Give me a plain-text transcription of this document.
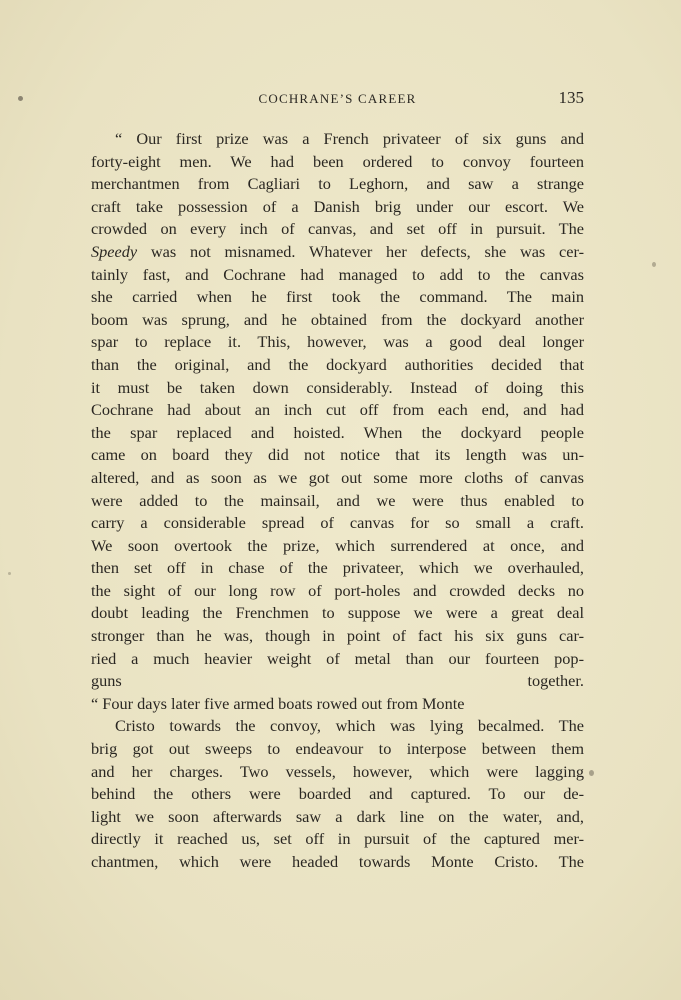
COCHRANE’S CAREER	135
“ Our first prize was a French privateer of six guns and
forty-eight men. We had been ordered to convoy fourteen
merchantmen from Cagliari to Leghorn, and saw a strange
craft take possession of a Danish brig under our escort. We
crowded on every inch of canvas, and set off in pursuit. The
Speedy was not misnamed. Whatever her defects, she was cer-
tainly fast, and Cochrane had managed to add to the canvas
she carried when he first took the command. The main
boom was sprung, and he obtained from the dockyard another
spar to replace it. This, however, was a good deal longer
than the original, and the dockyard authorities decided that
it must be taken down considerably. Instead of doing this
Cochrane had about an inch cut off from each end, and had
the spar replaced and hoisted. When the dockyard people
came on board they did not notice that its length was un-
altered, and as soon as we got out some more cloths of canvas
were added to the mainsail, and we were thus enabled to
carry a considerable spread of canvas for so small a craft.
We soon overtook the prize, which surrendered at once, and
then set off in chase of the privateer, which we overhauled,
the sight of our long row of port-holes and crowded decks no
doubt leading the Frenchmen to suppose we were a great deal
stronger than he was, though in point of fact his six guns car-
ried a much heavier weight of metal than our fourteen pop-
guns together.
“ Four days later five armed boats rowed out from Monte
Cristo towards the convoy, which was lying becalmed. The
brig got out sweeps to endeavour to interpose between them
and her charges. Two vessels, however, which were lagging
behind the others were boarded and captured. To our de-
light we soon afterwards saw a dark line on the water, and,
directly it reached us, set off in pursuit of the captured mer-
chantmen, which were headed towards Monte Cristo. The
